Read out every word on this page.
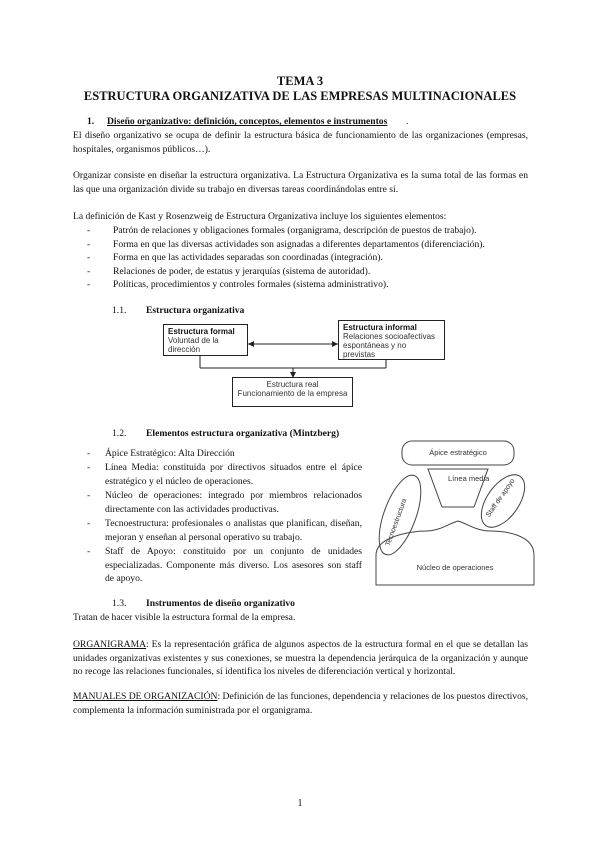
TEMA 3
ESTRUCTURA ORGANIZATIVA DE LAS EMPRESAS MULTINACIONALES
1. Diseño organizativo: definición, conceptos, elementos e instrumentos .
El diseño organizativo se ocupa de definir la estructura básica de funcionamiento de las organizaciones (empresas, hospitales, organismos públicos…).
Organizar consiste en diseñar la estructura organizativa. La Estructura Organizativa es la suma total de las formas en las que una organización divide su trabajo en diversas tareas coordinándolas entre sí.
La definición de Kast y Rosenzweig de Estructura Organizativa incluye los siguientes elementos:
- Patrón de relaciones y obligaciones formales (organigrama, descripción de puestos de trabajo).
- Forma en que las diversas actividades son asignadas a diferentes departamentos (diferenciación).
- Forma en que las actividades separadas son coordinadas (integración).
- Relaciones de poder, de estatus y jerarquías (sistema de autoridad).
- Políticas, procedimientos y controles formales (sistema administrativo).
1.1. Estructura organizativa
Estructura formal
Voluntad de la dirección
Estructura informal
Relaciones socioafectivas
espontáneas y no previstas
Estructura real
Funcionamiento de la empresa
1.2. Elementos estructura organizativa (Mintzberg)
- Ápice Estratégico: Alta Dirección
- Línea Media: constituida por directivos situados entre el ápice estratégico y el núcleo de operaciones.
- Núcleo de operaciones: integrado por miembros relacionados directamente con las actividades productivas.
- Tecnoestructura: profesionales o analistas que planifican, diseñan, mejoran y enseñan al personal operativo su trabajo.
- Staff de Apoyo: constituido por un conjunto de unidades especializadas. Componente más diverso. Los asesores son staff de apoyo.
Ápice estratégico
Tecnoestructura	Staff de apoyo
Línea media
Núcleo de operaciones
1.3. Instrumentos de diseño organizativo
Tratan de hacer visible la estructura formal de la empresa.
ORGANIGRAMA: Es la representación gráfica de algunos aspectos de la estructura formal en el que se detallan las unidades organizativas existentes y sus conexiones, se muestra la dependencia jerárquica de la organización y aunque no recoge las relaciones funcionales, sí identifica los niveles de diferenciación vertical y horizontal.
MANUALES DE ORGANIZACIÓN: Definición de las funciones, dependencia y relaciones de los puestos directivos, complementa la información suministrada por el organigrama.
1
